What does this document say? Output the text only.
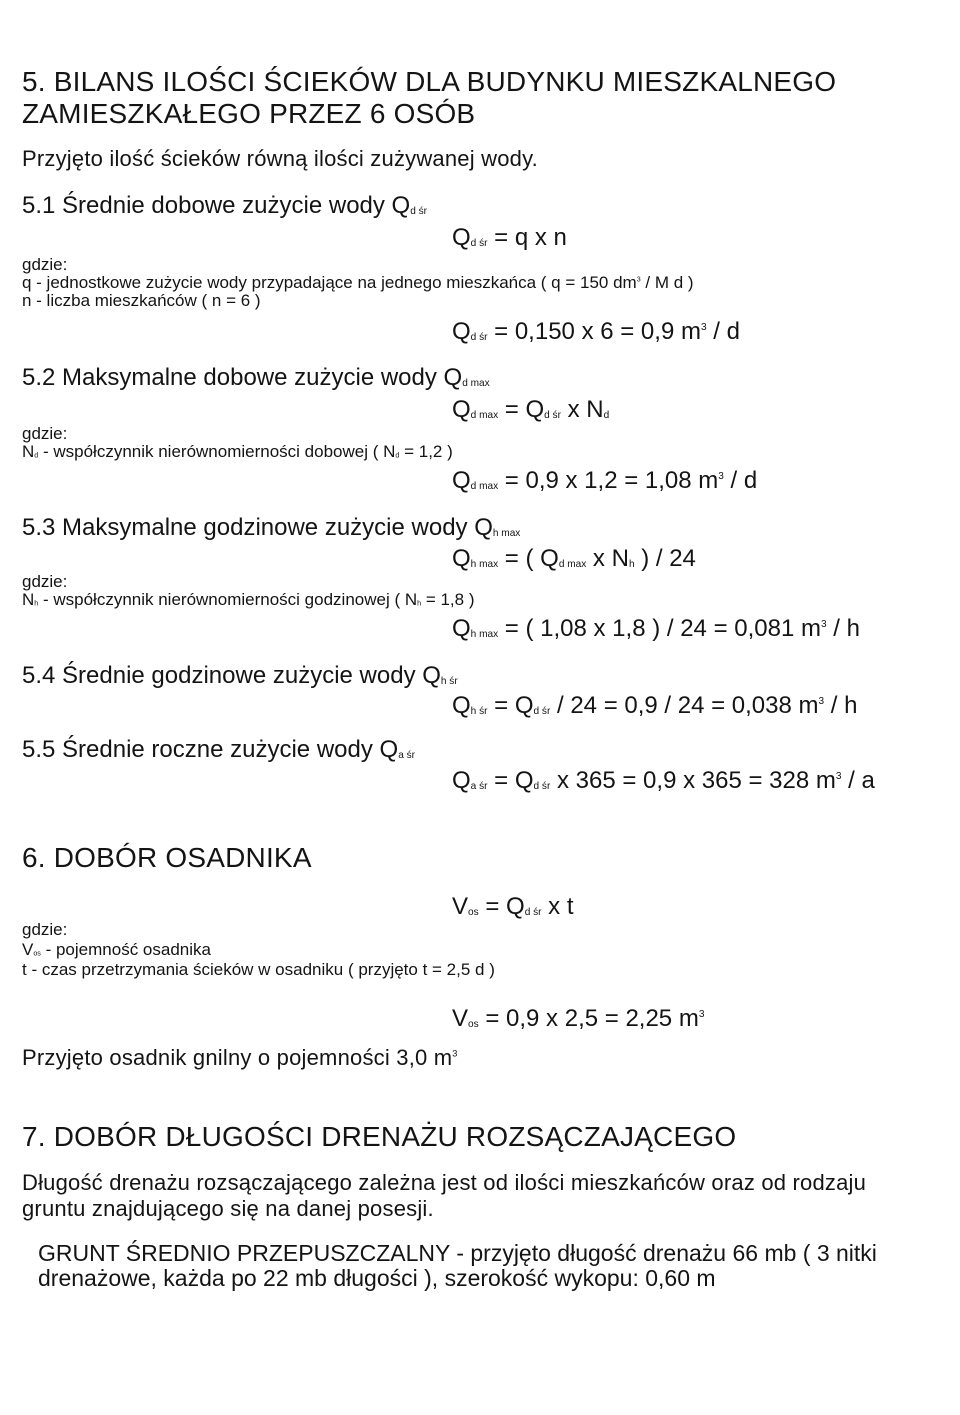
5. BILANS ILOŚCI ŚCIEKÓW DLA BUDYNKU MIESZKALNEGO
ZAMIESZKAŁEGO PRZEZ 6 OSÓB
Przyjęto ilość ścieków równą ilości zużywanej wody.
5.1 Średnie dobowe zużycie wody $Q_{d śr}$
$Q_{d śr} = q$ x n
gdzie:
q - jednostkowe zużycie wody przypadające na jednego mieszkańca ( q = 150 $dm^3$ / M d )
n - liczba mieszkańców ( n = 6 )
$Q_{d śr} = 0,150$ x 6 = 0,9 $m^3$ / d
5.2 Maksymalne dobowe zużycie wody $Q_{d max}$
$Q_{d max} = Q_{d śr}$ x $N_d$
gdzie:
$N_d$ - współczynnik nierównomierności dobowej ( $N_d = 1,2$ )
$Q_{d max} = 0,9$ x 1,2 = 1,08 $m^3$ / d
5.3 Maksymalne godzinowe zużycie wody $Q_{h max}$
$Q_{h max}$ = ( $Q_{d max}$ x $N_h$ ) / 24
gdzie:
$N_h$ - współczynnik nierównomierności godzinowej ( $N_h = 1,8$ )
$Q_{h max}$ = ( 1,08 x 1,8 ) / 24 = 0,081 $m^3$ / h
5.4 Średnie godzinowe zużycie wody $Q_{h śr}$
$Q_{h śr} = Q_{d śr} / 24 = 0,9 / 24 = 0,038$ $m^3$ / h
5.5 Średnie roczne zużycie wody $Q_{a śr}$
$Q_{a śr} = Q_{d śr}$ x 365 = 0,9 x 365 = 328 $m^3$ / a
6. DOBÓR OSADNIKA
$V_{os} = Q_{d śr}$ x t
gdzie:
$V_{os}$ - pojemność osadnika
t - czas przetrzymania ścieków w osadniku ( przyjęto t = 2,5 d )
$V_{os} = 0,9$ x 2,5 = 2,25 $m^3$
Przyjęto osadnik gnilny o pojemności 3,0 $m^3$
7. DOBÓR DŁUGOŚCI DRENAŻU ROZSĄCZAJĄCEGO
Długość drenażu rozsączającego zależna jest od ilości mieszkańców oraz od rodzaju
gruntu znajdującego się na danej posesji.
GRUNT ŚREDNIO PRZEPUSZCZALNY - przyjęto długość drenażu 66 mb ( 3 nitki
drenażowe, każda po 22 mb długości ), szerokość wykopu: 0,60 m
